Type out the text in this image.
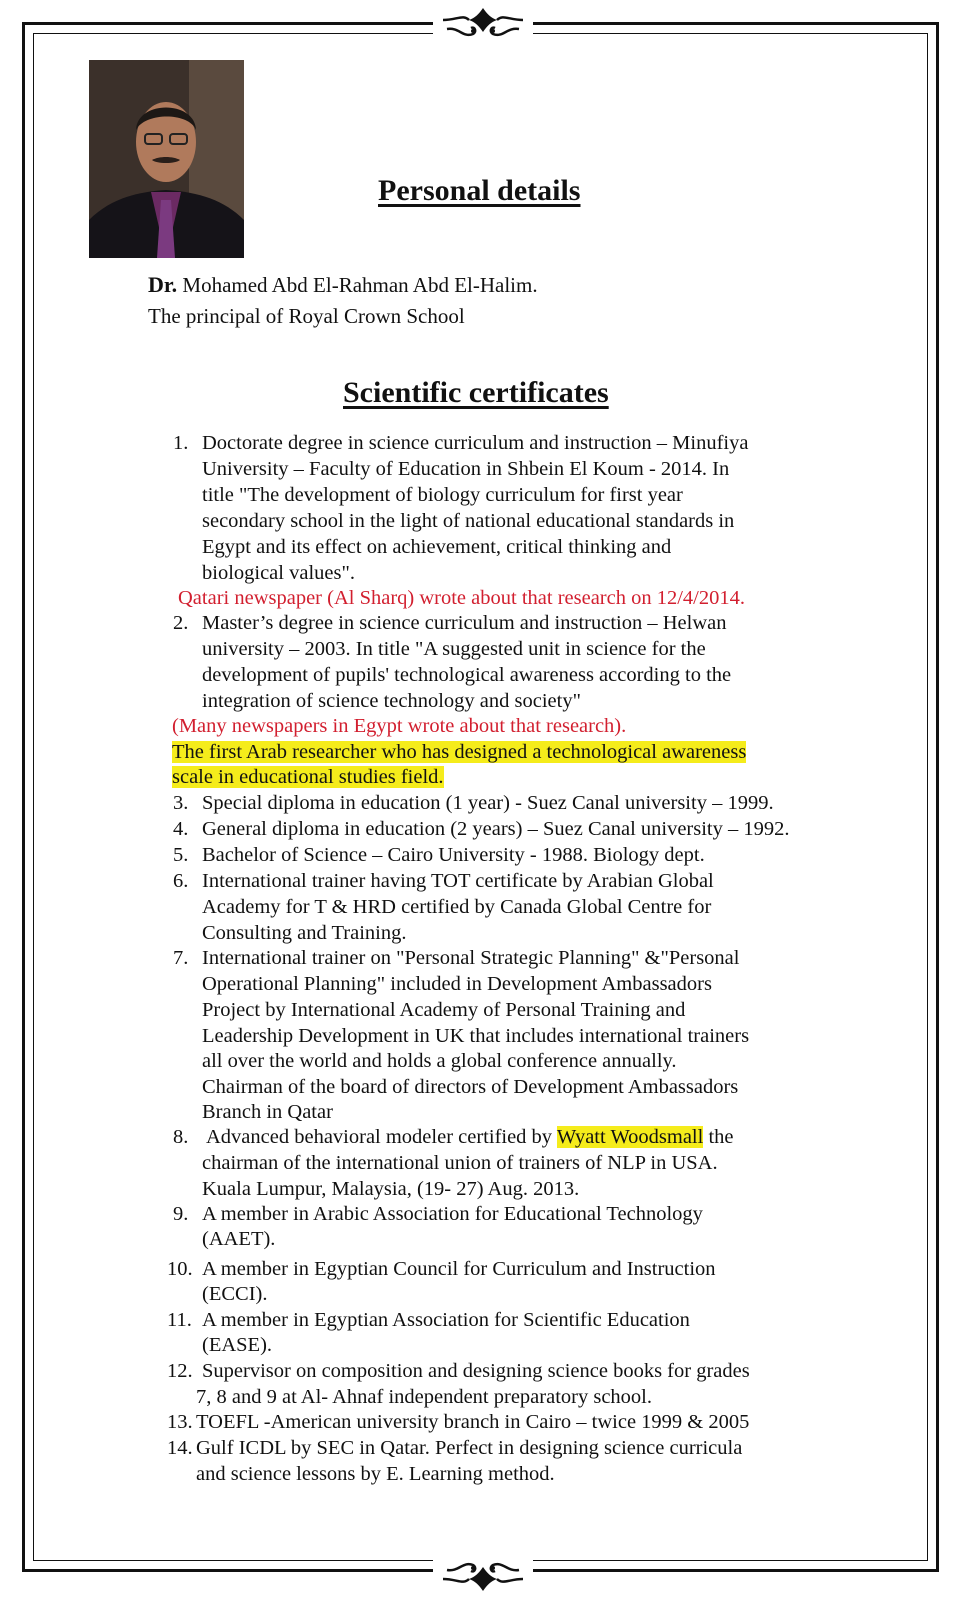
Personal details
Dr. Mohamed Abd El-Rahman Abd El-Halim.
The principal of Royal Crown School
Scientific certificates
1. Doctorate degree in science curriculum and instruction – Minufiya
University – Faculty of Education in Shbein El Koum - 2014. In
title "The development of biology curriculum for first year
secondary school in the light of national educational standards in
Egypt and its effect on achievement, critical thinking and
biological values".
Qatari newspaper (Al Sharq) wrote about that research on 12/4/2014.
2. Master’s degree in science curriculum and instruction – Helwan
university – 2003. In title "A suggested unit in science for the
development of pupils' technological awareness according to the
integration of science technology and society"
(Many newspapers in Egypt wrote about that research).
The first Arab researcher who has designed a technological awareness
scale in educational studies field.
3. Special diploma in education (1 year) - Suez Canal university – 1999.
4. General diploma in education (2 years) – Suez Canal university – 1992.
5. Bachelor of Science – Cairo University - 1988. Biology dept.
6. International trainer having TOT certificate by Arabian Global
Academy for T & HRD certified by Canada Global Centre for
Consulting and Training.
7. International trainer on "Personal Strategic Planning" &"Personal
Operational Planning" included in Development Ambassadors
Project by International Academy of Personal Training and
Leadership Development in UK that includes international trainers
all over the world and holds a global conference annually.
Chairman of the board of directors of Development Ambassadors
Branch in Qatar
8. Advanced behavioral modeler certified by Wyatt Woodsmall the
chairman of the international union of trainers of NLP in USA.
Kuala Lumpur, Malaysia, (19- 27) Aug. 2013.
9. A member in Arabic Association for Educational Technology
(AAET).
10. A member in Egyptian Council for Curriculum and Instruction
(ECCI).
11. A member in Egyptian Association for Scientific Education
(EASE).
12. Supervisor on composition and designing science books for grades
7, 8 and 9 at Al- Ahnaf independent preparatory school.
13. TOEFL -American university branch in Cairo – twice 1999 & 2005
14. Gulf ICDL by SEC in Qatar. Perfect in designing science curricula
and science lessons by E. Learning method.
